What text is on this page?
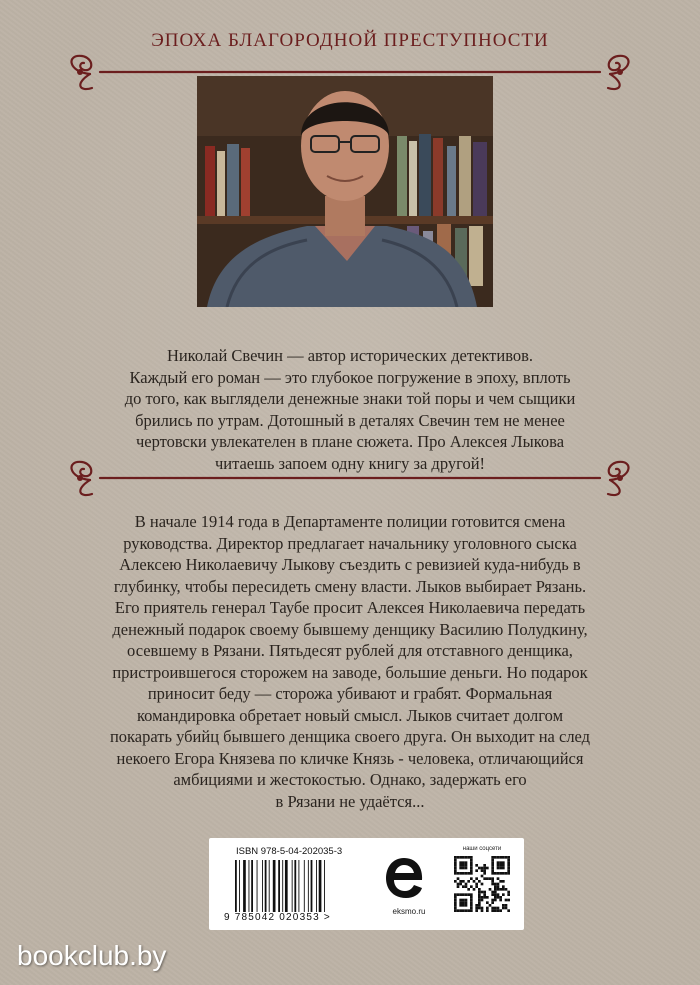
ЭПОХА БЛАГОРОДНОЙ ПРЕСТУПНОСТИ

Николай Свечин — автор исторических детективов.

Каждый его роман — это глубокое погружение в эпоху, вплоть

до того, как выглядели денежные знаки той поры и чем сыщики

брились по утрам. Дотошный в деталях Свечин тем не менее

чертовски увлекателен в плане сюжета. Про Алексея Лыкова

читаешь запоем одну книгу за другой!

В начале 1914 года в Департаменте полиции готовится смена

руководства. Директор предлагает начальнику уголовного сыска

Алексею Николаевичу Лыкову съездить с ревизией куда-нибудь в

глубинку, чтобы пересидеть смену власти. Лыков выбирает Рязань.

Его приятель генерал Таубе просит Алексея Николаевича передать

денежный подарок своему бывшему денщику Василию Полудкину,

осевшему в Рязани. Пятьдесят рублей для отставного денщика,

пристроившегося сторожем на заводе, большие деньги. Но подарок

приносит беду — сторожа убивают и грабят. Формальная

командировка обретает новый смысл. Лыков считает долгом

покарать убийц бывшего денщика своего друга. Он выходит на след

некоего Егора Князева по кличке Князь - человека, отличающийся

амбициями и жестокостью. Однако, задержать его

в Рязани не удаётся...

ISBN 978-5-04-202035-3
9 785042 020353 >
eksmo.ru
наши соцсети
bookclub.by
